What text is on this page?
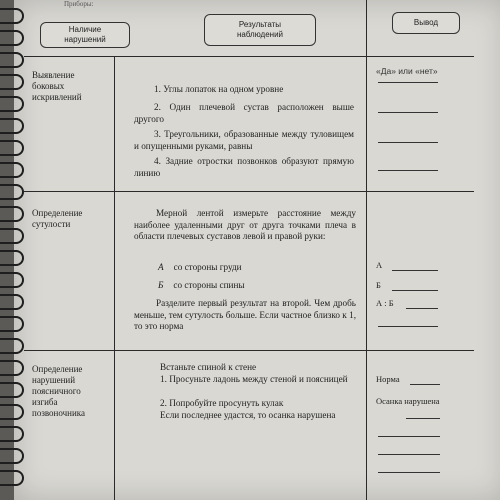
Приборы:
Наличие нарушений
Результаты наблюдений
Вывод
Выявление боковых искривлений
«Да» или «нет»
1. Углы лопаток на одном уровне
2. Один плечевой сустав расположен выше другого
3. Треугольники, образованные между туловищем и опущенными руками, равны
4. Задние отростки позвонков образуют прямую линию
Определение сутулости
Мерной лентой измерьте расстояние между наиболее удаленными друг от друга точками плеча в области плечевых суставов левой и правой руки:
А со стороны груди
Б со стороны спины
Разделите первый результат на второй. Чем дробь меньше, тем сутулость больше. Если частное близко к 1, то это норма
А
Б
А : Б
Определение нарушений поясничного изгиба позвоночника
Встаньте спиной к стене
1. Просуньте ладонь между стеной и поясницей
2. Попробуйте просунуть кулак
Если последнее удастся, то осанка нарушена
Норма
Осанка нарушена
